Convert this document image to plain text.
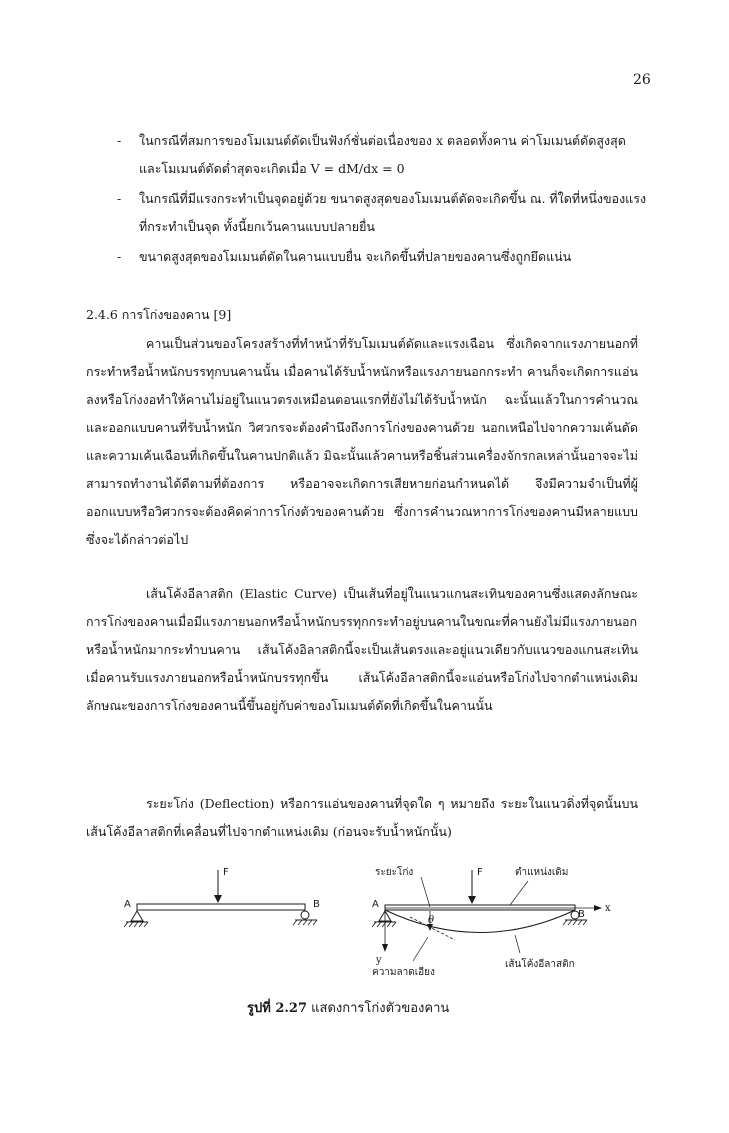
26
-	ในกรณีที่สมการของโมเมนต์ดัดเป็นฟังก์ชั่นต่อเนื่องของ x ตลอดทั้งคาน ค่าโมเมนต์ดัดสูงสุด และโมเมนต์ดัดต่ำสุดจะเกิดเมื่อ V = dM/dx = 0
-	ในกรณีที่มีแรงกระทำเป็นจุดอยู่ด้วย ขนาดสูงสุดของโมเมนต์ดัดจะเกิดขึ้น ณ. ที่ใดที่หนึ่งของแรงที่กระทำเป็นจุด ทั้งนี้ยกเว้นคานแบบปลายยื่น
-	ขนาดสูงสุดของโมเมนต์ดัดในคานแบบยื่น จะเกิดขึ้นที่ปลายของคานซึ่งถูกยึดแน่น
2.4.6 การโก่งของคาน [9]
คานเป็นส่วนของโครงสร้างที่ทำหน้าที่รับโมเมนต์ดัดและแรงเฉือน ซึ่งเกิดจากแรงภายนอกที่กระทำหรือน้ำหนักบรรทุกบนคานนั้น เมื่อคานได้รับน้ำหนักหรือแรงภายนอกกระทำ คานก็จะเกิดการแอ่นลงหรือโก่งงอทำให้คานไม่อยู่ในแนวตรงเหมือนตอนแรกที่ยังไม่ได้รับน้ำหนัก ฉะนั้นแล้วในการคำนวณและออกแบบคานที่รับน้ำหนัก วิศวกรจะต้องคำนึงถึงการโก่งของคานด้วย นอกเหนือไปจากความเค้นดัดและความเค้นเฉือนที่เกิดขึ้นในคานปกติแล้ว มิฉะนั้นแล้วคานหรือชิ้นส่วนเครื่องจักรกลเหล่านั้นอาจจะไม่สามารถทำงานได้ดีตามที่ต้องการ หรืออาจจะเกิดการเสียหายก่อนกำหนดได้ จึงมีความจำเป็นที่ผู้ออกแบบหรือวิศวกรจะต้องคิดค่าการโก่งตัวของคานด้วย ซึ่งการคำนวณหาการโก่งของคานมีหลายแบบ ซึ่งจะได้กล่าวต่อไป
เส้นโค้งอีลาสติก (Elastic Curve) เป็นเส้นที่อยู่ในแนวแกนสะเทินของคานซึ่งแสดงลักษณะการโก่งของคานเมื่อมีแรงภายนอกหรือน้ำหนักบรรทุกกระทำอยู่บนคานในขณะที่คานยังไม่มีแรงภายนอก หรือน้ำหนักมากระทำบนคาน เส้นโค้งอิลาสติกนี้จะเป็นเส้นตรงและอยู่แนวเดียวกับแนวของแกนสะเทิน เมื่อคานรับแรงภายนอกหรือน้ำหนักบรรทุกขึ้น เส้นโค้งอีลาสติกนี้จะแอ่นหรือโก่งไปจากตำแหน่งเดิม ลักษณะของการโก่งของคานนี้ขึ้นอยู่กับค่าของโมเมนต์ดัดที่เกิดขึ้นในคานนั้น
ระยะโก่ง (Deflection) หรือการแอ่นของคานที่จุดใด ๆ หมายถึง ระยะในแนวดิ่งที่จุดนั้นบนเส้นโค้งอีลาสติกที่เคลื่อนที่ไปจากตำแหน่งเดิม (ก่อนจะรับน้ำหนักนั้น)
F
A	B	x
y
F
ระยะโก่ง
θ
ความลาดเอียง
ตำแหน่งเดิม
เส้นโค้งอีลาสติก
A
B
รูปที่ 2.27 แสดงการโก่งตัวของคาน
